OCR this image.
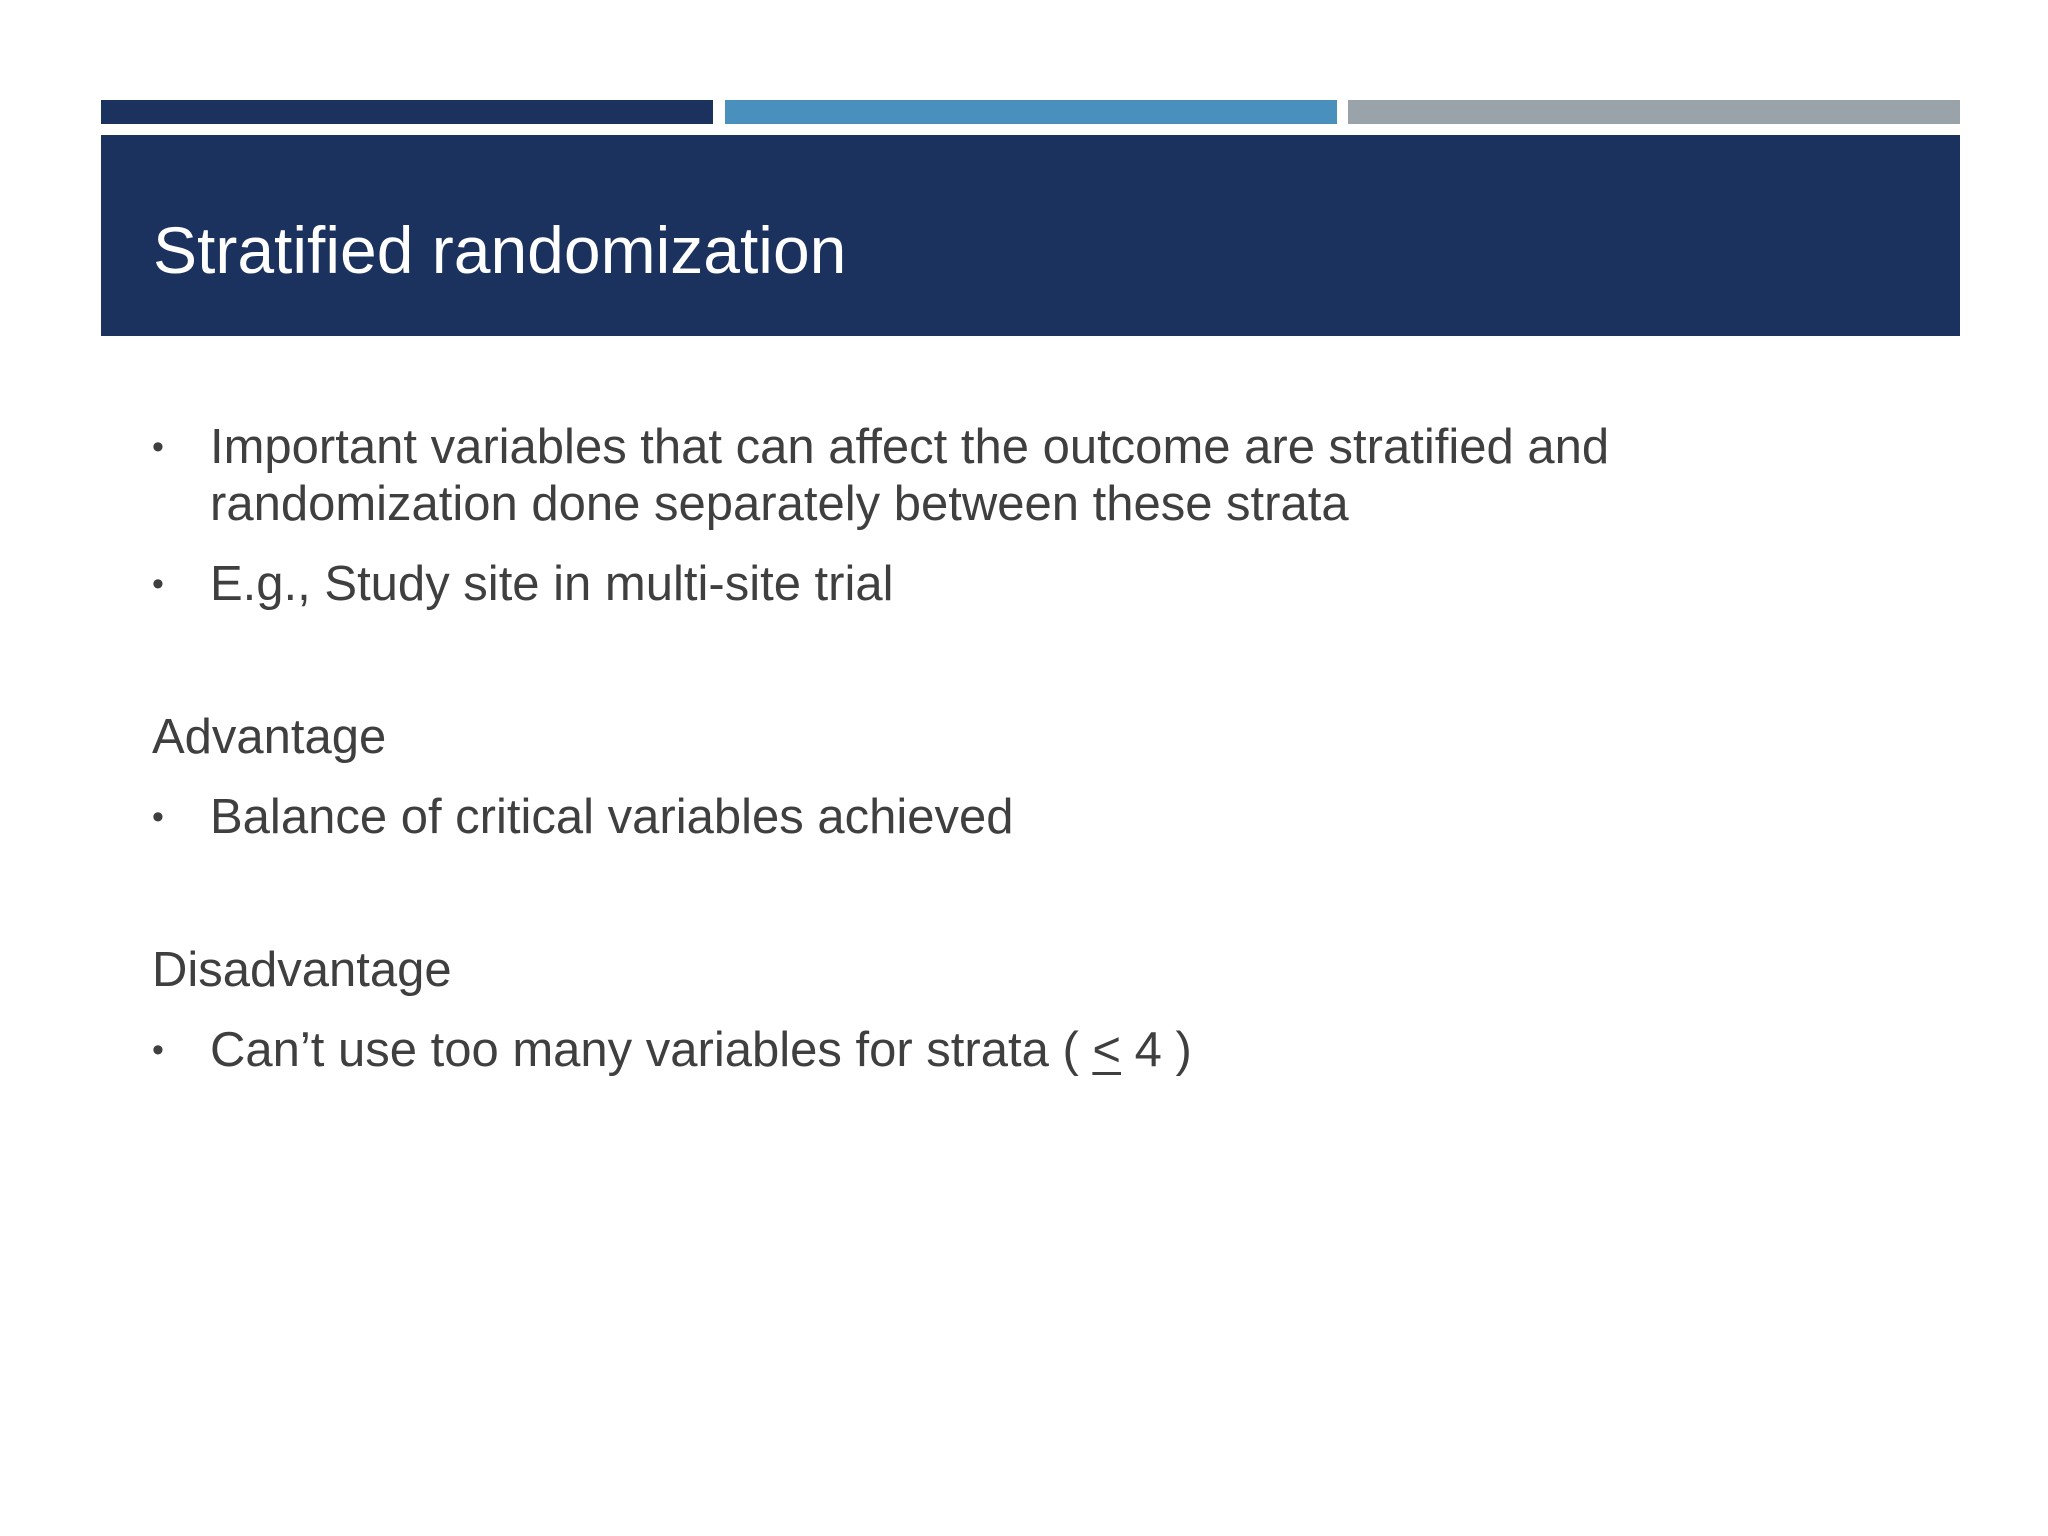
Stratified randomization
• Important variables that can affect the outcome are stratified and randomization done separately between these strata
• E.g., Study site in multi-site trial
Advantage
• Balance of critical variables achieved
Disadvantage
• Can’t use too many variables for strata ( ≤ 4 )
